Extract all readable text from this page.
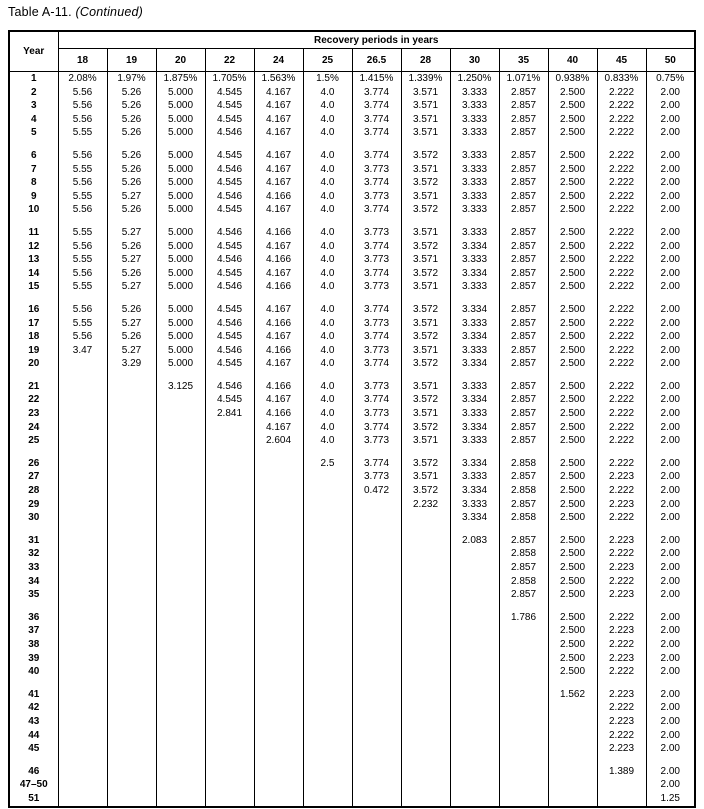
Table A-11. (Continued)
Year	Recovery periods in years												
	18	19	20	22	24	25	26.5	28	30	35	40	45	50
1	2.08%	1.97%	1.875%	1.705%	1.563%	1.5%	1.415%	1.339%	1.250%	1.071%	0.938%	0.833%	0.75%
2	5.56	5.26	5.000	4.545	4.167	4.0	3.774	3.571	3.333	2.857	2.500	2.222	2.00
3	5.56	5.26	5.000	4.545	4.167	4.0	3.774	3.571	3.333	2.857	2.500	2.222	2.00
4	5.56	5.26	5.000	4.545	4.167	4.0	3.774	3.571	3.333	2.857	2.500	2.222	2.00
5	5.55	5.26	5.000	4.546	4.167	4.0	3.774	3.571	3.333	2.857	2.500	2.222	2.00
6	5.56	5.26	5.000	4.545	4.167	4.0	3.774	3.572	3.333	2.857	2.500	2.222	2.00
7	5.55	5.26	5.000	4.546	4.167	4.0	3.773	3.571	3.333	2.857	2.500	2.222	2.00
8	5.56	5.26	5.000	4.545	4.167	4.0	3.774	3.572	3.333	2.857	2.500	2.222	2.00
9	5.55	5.27	5.000	4.546	4.166	4.0	3.773	3.571	3.333	2.857	2.500	2.222	2.00
10	5.56	5.26	5.000	4.545	4.167	4.0	3.774	3.572	3.333	2.857	2.500	2.222	2.00
11	5.55	5.27	5.000	4.546	4.166	4.0	3.773	3.571	3.333	2.857	2.500	2.222	2.00
12	5.56	5.26	5.000	4.545	4.167	4.0	3.774	3.572	3.334	2.857	2.500	2.222	2.00
13	5.55	5.27	5.000	4.546	4.166	4.0	3.773	3.571	3.333	2.857	2.500	2.222	2.00
14	5.56	5.26	5.000	4.545	4.167	4.0	3.774	3.572	3.334	2.857	2.500	2.222	2.00
15	5.55	5.27	5.000	4.546	4.166	4.0	3.773	3.571	3.333	2.857	2.500	2.222	2.00
16	5.56	5.26	5.000	4.545	4.167	4.0	3.774	3.572	3.334	2.857	2.500	2.222	2.00
17	5.55	5.27	5.000	4.546	4.166	4.0	3.773	3.571	3.333	2.857	2.500	2.222	2.00
18	5.56	5.26	5.000	4.545	4.167	4.0	3.774	3.572	3.334	2.857	2.500	2.222	2.00
19	3.47	5.27	5.000	4.546	4.166	4.0	3.773	3.571	3.333	2.857	2.500	2.222	2.00
20		3.29	5.000	4.545	4.167	4.0	3.774	3.572	3.334	2.857	2.500	2.222	2.00
21			3.125	4.546	4.166	4.0	3.773	3.571	3.333	2.857	2.500	2.222	2.00
22				4.545	4.167	4.0	3.774	3.572	3.334	2.857	2.500	2.222	2.00
23				2.841	4.166	4.0	3.773	3.571	3.333	2.857	2.500	2.222	2.00
24					4.167	4.0	3.774	3.572	3.334	2.857	2.500	2.222	2.00
25					2.604	4.0	3.773	3.571	3.333	2.857	2.500	2.222	2.00
26						2.5	3.774	3.572	3.334	2.858	2.500	2.222	2.00
27							3.773	3.571	3.333	2.857	2.500	2.223	2.00
28							0.472	3.572	3.334	2.858	2.500	2.222	2.00
29								2.232	3.333	2.857	2.500	2.223	2.00
30									3.334	2.858	2.500	2.222	2.00
31									2.083	2.857	2.500	2.223	2.00
32										2.858	2.500	2.222	2.00
33										2.857	2.500	2.223	2.00
34										2.858	2.500	2.222	2.00
35										2.857	2.500	2.223	2.00
36										1.786	2.500	2.222	2.00
37											2.500	2.223	2.00
38											2.500	2.222	2.00
39											2.500	2.223	2.00
40											2.500	2.222	2.00
41											1.562	2.223	2.00
42												2.222	2.00
43												2.223	2.00
44												2.222	2.00
45												2.223	2.00
46												1.389	2.00
47–50													2.00
51													1.25
